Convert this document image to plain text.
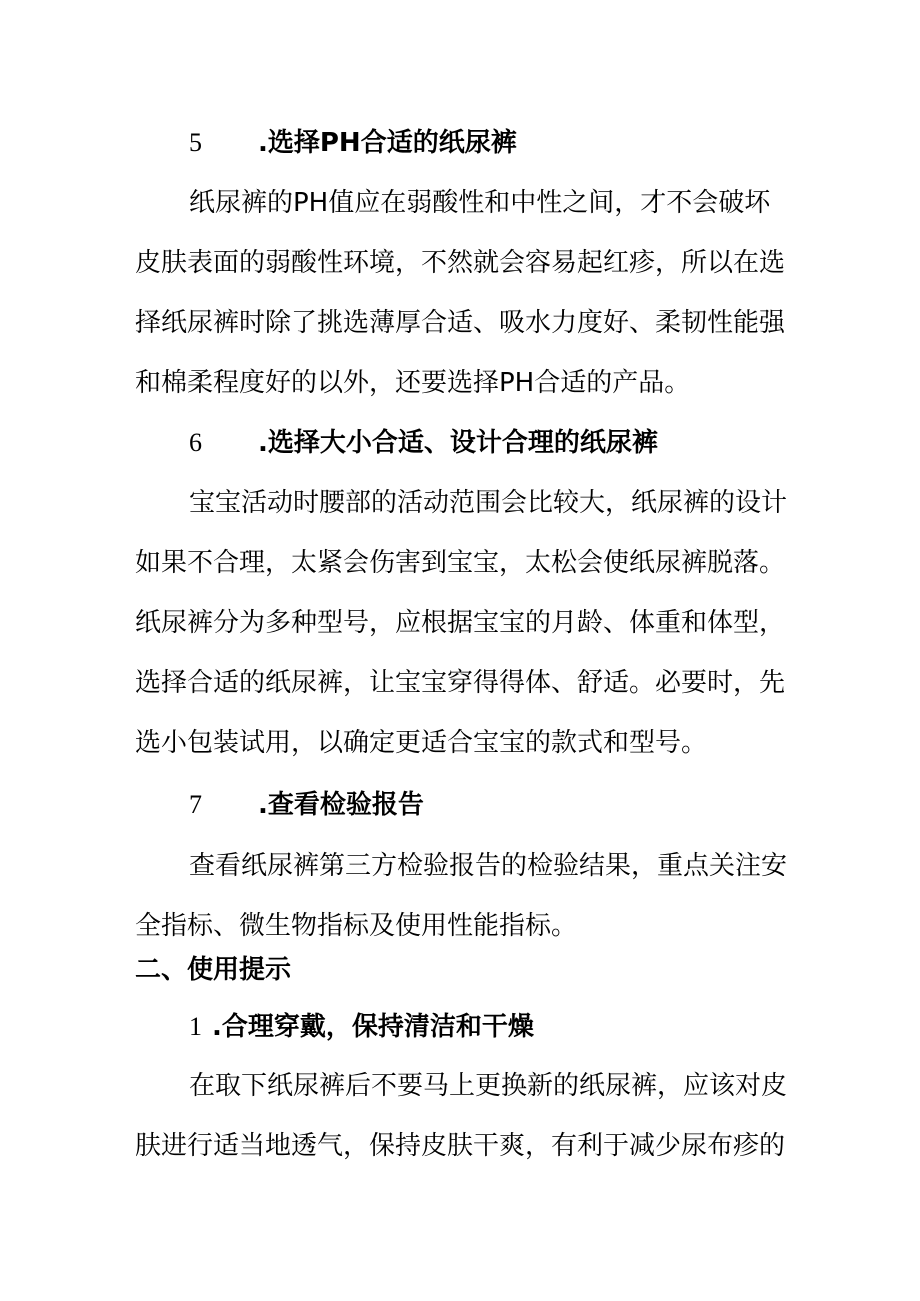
5 .选择PH合适的纸尿裤
纸尿裤的PH值应在弱酸性和中性之间，才不会破坏
皮肤表面的弱酸性环境，不然就会容易起红疹，所以在选
择纸尿裤时除了挑选薄厚合适、吸水力度好、柔韧性能强
和棉柔程度好的以外，还要选择PH合适的产品。
6 .选择大小合适、设计合理的纸尿裤
宝宝活动时腰部的活动范围会比较大，纸尿裤的设计
如果不合理，太紧会伤害到宝宝，太松会使纸尿裤脱落。
纸尿裤分为多种型号，应根据宝宝的月龄、体重和体型，
选择合适的纸尿裤，让宝宝穿得得体、舒适。必要时，先
选小包装试用，以确定更适合宝宝的款式和型号。
7 .查看检验报告
查看纸尿裤第三方检验报告的检验结果，重点关注安
全指标、微生物指标及使用性能指标。
二、使用提示
1 .合理穿戴，保持清洁和干燥
在取下纸尿裤后不要马上更换新的纸尿裤，应该对皮
肤进行适当地透气，保持皮肤干爽，有利于减少尿布疹的
